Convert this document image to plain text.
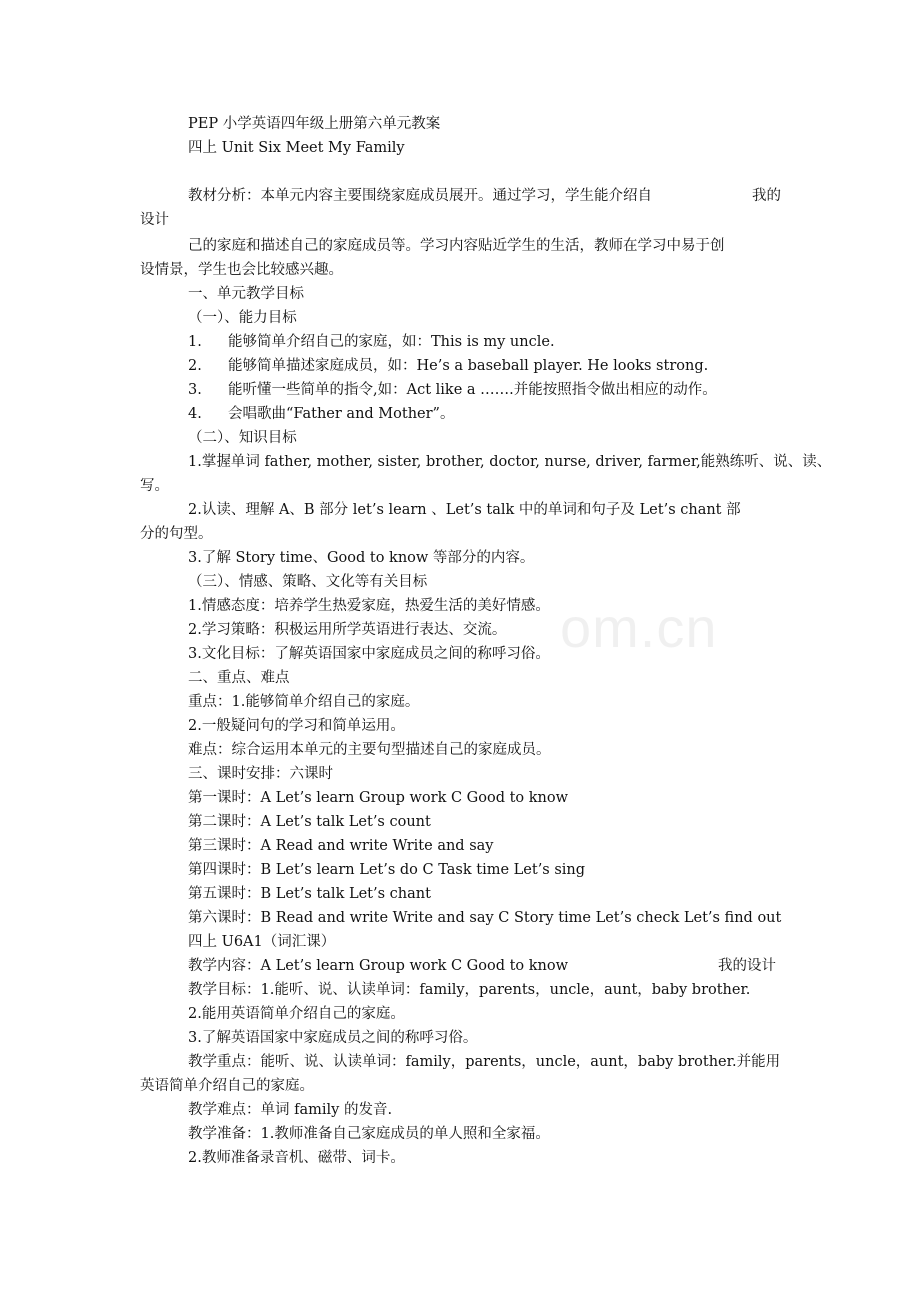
PEP 小学英语四年级上册第六单元教案
四上 Unit Six Meet My Family
教材分析：本单元内容主要围绕家庭成员展开。通过学习，学生能介绍自	我的
设计
己的家庭和描述自己的家庭成员等。学习内容贴近学生的生活，教师在学习中易于创
设情景，学生也会比较感兴趣。
一、单元教学目标
（一）、能力目标
1. 能够简单介绍自己的家庭，如：This is my uncle.
2. 能够简单描述家庭成员，如：He’s a baseball player. He looks strong.
3. 能听懂一些简单的指令,如：Act like a …….并能按照指令做出相应的动作。
4. 会唱歌曲“Father and Mother”。
（二）、知识目标
1.掌握单词 father, mother, sister, brother, doctor, nurse, driver, farmer,能熟练听、说、读、
写。
2.认读、理解 A、B 部分 let’s learn 、Let’s talk 中的单词和句子及 Let’s chant 部
分的句型。
3.了解 Story time、Good to know 等部分的内容。
（三）、情感、策略、文化等有关目标
1.情感态度：培养学生热爱家庭，热爱生活的美好情感。
2.学习策略：积极运用所学英语进行表达、交流。
3.文化目标：了解英语国家中家庭成员之间的称呼习俗。
二、重点、难点
重点：1.能够简单介绍自己的家庭。
2.一般疑问句的学习和简单运用。
难点：综合运用本单元的主要句型描述自己的家庭成员。
三、课时安排：六课时
第一课时：A Let’s learn Group work C Good to know
第二课时：A Let’s talk Let’s count
第三课时：A Read and write Write and say
第四课时：B Let’s learn Let’s do C Task time Let’s sing
第五课时：B Let’s talk Let’s chant
第六课时：B Read and write Write and say C Story time Let’s check Let’s find out
四上 U6A1（词汇课）
教学内容：A Let’s learn Group work C Good to know	我的设计
教学目标：1.能听、说、认读单词：family，parents，uncle，aunt，baby brother.
2.能用英语简单介绍自己的家庭。
3.了解英语国家中家庭成员之间的称呼习俗。
教学重点：能听、说、认读单词：family，parents，uncle，aunt，baby brother.并能用
英语简单介绍自己的家庭。
教学难点：单词 family 的发音.
教学准备：1.教师准备自己家庭成员的单人照和全家福。
2.教师准备录音机、磁带、词卡。
om.cn
